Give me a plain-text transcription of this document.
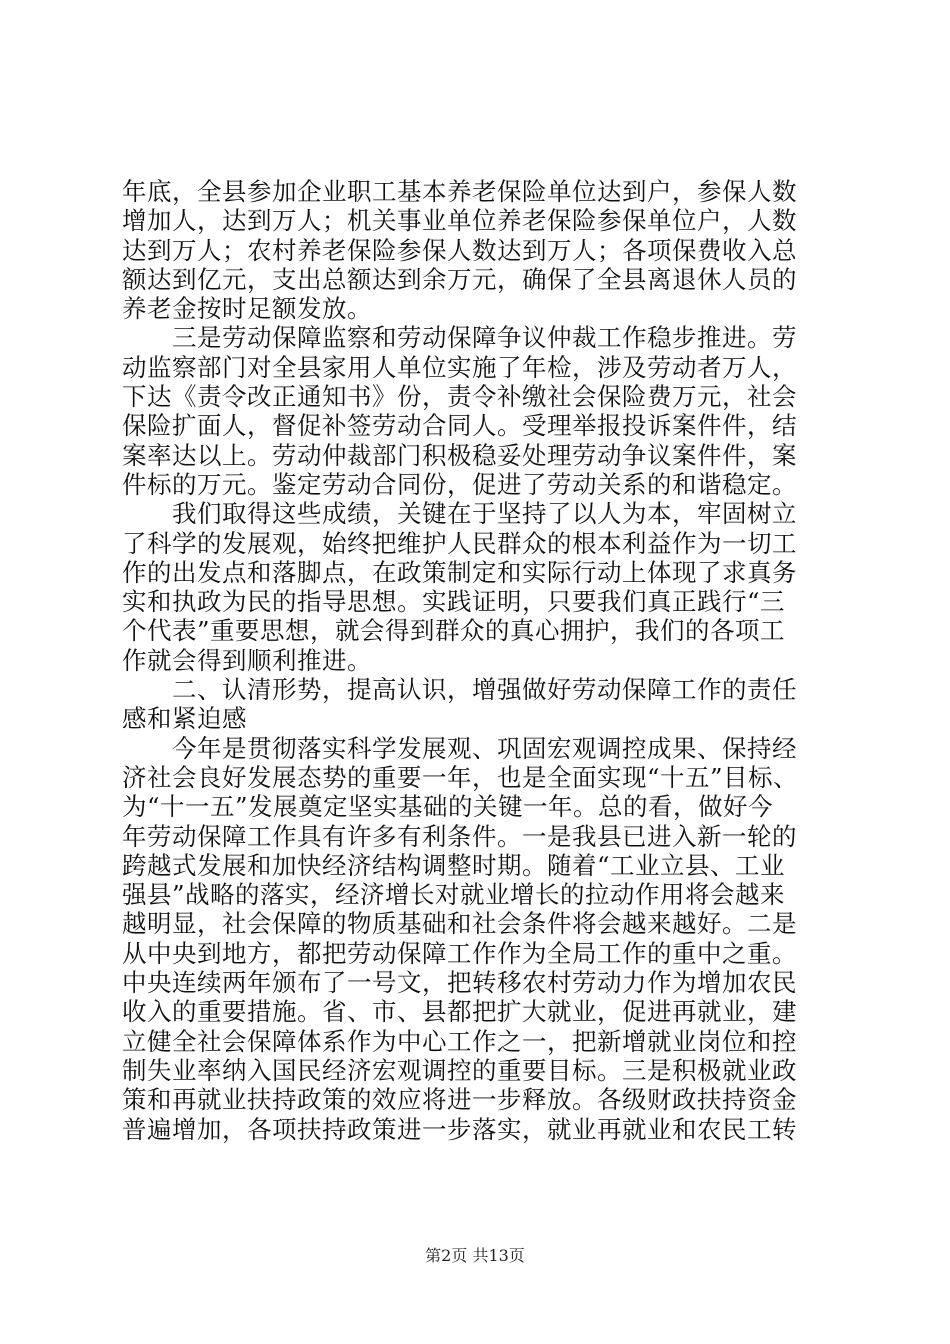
年底，全县参加企业职工基本养老保险单位达到户，参保人数
增加人，达到万人；机关事业单位养老保险参保单位户，人数
达到万人；农村养老保险参保人数达到万人；各项保费收入总
额达到亿元，支出总额达到余万元，确保了全县离退休人员的
养老金按时足额发放。
　　三是劳动保障监察和劳动保障争议仲裁工作稳步推进。劳
动监察部门对全县家用人单位实施了年检，涉及劳动者万人，
下达《责令改正通知书》份，责令补缴社会保险费万元，社会
保险扩面人，督促补签劳动合同人。受理举报投诉案件件，结
案率达以上。劳动仲裁部门积极稳妥处理劳动争议案件件，案
件标的万元。鉴定劳动合同份，促进了劳动关系的和谐稳定。
　　我们取得这些成绩，关键在于坚持了以人为本，牢固树立
了科学的发展观，始终把维护人民群众的根本利益作为一切工
作的出发点和落脚点，在政策制定和实际行动上体现了求真务
实和执政为民的指导思想。实践证明，只要我们真正践行“三
个代表”重要思想，就会得到群众的真心拥护，我们的各项工
作就会得到顺利推进。
　　二、认清形势，提高认识，增强做好劳动保障工作的责任
感和紧迫感
　　今年是贯彻落实科学发展观、巩固宏观调控成果、保持经
济社会良好发展态势的重要一年，也是全面实现“十五”目标、
为“十一五”发展奠定坚实基础的关键一年。总的看，做好今
年劳动保障工作具有许多有利条件。一是我县已进入新一轮的
跨越式发展和加快经济结构调整时期。随着“工业立县、工业
强县”战略的落实，经济增长对就业增长的拉动作用将会越来
越明显，社会保障的物质基础和社会条件将会越来越好。二是
从中央到地方，都把劳动保障工作作为全局工作的重中之重。
中央连续两年颁布了一号文，把转移农村劳动力作为增加农民
收入的重要措施。省、市、县都把扩大就业，促进再就业，建
立健全社会保障体系作为中心工作之一，把新增就业岗位和控
制失业率纳入国民经济宏观调控的重要目标。三是积极就业政
策和再就业扶持政策的效应将进一步释放。各级财政扶持资金
普遍增加，各项扶持政策进一步落实，就业再就业和农民工转
第2页 共13页
